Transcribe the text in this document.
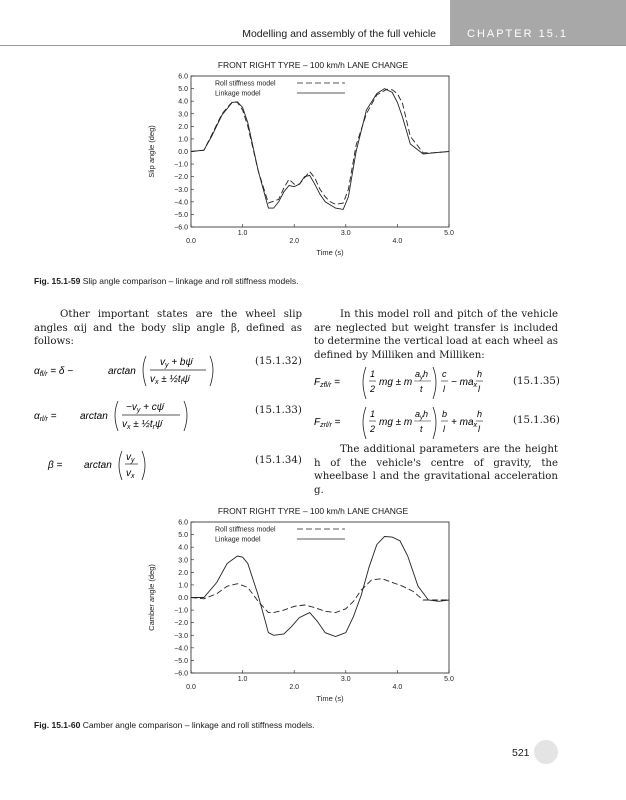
Modelling and assembly of the full vehicle	CHAPTER 15.1
FRONT RIGHT TYRE – 100 km/h LANE CHANGE
6.0
5.0
4.0
3.0
2.0
1.0
0.0
−1.0
−2.0
−3.0
−4.0
−5.0
−6.0
0.0
1.0
2.0
3.0
4.0
5.0
Time (s)
Slip angle (deg)
Roll stiffness model
Linkage model
Fig. 15.1-59 Slip angle comparison – linkage and roll stiffness models.
Other important states are the wheel slip angles αij and the body slip angle β, defined as follows:
$\alpha_{fl/r} = \delta$ −	arctan
$v_y$ + bψ̇
$v_x$ ± $\frac{1}{2}t_f\psi̇$
(15.1.32)
$\alpha_{rl/r} = \arctan$
$-v_y$ + cψ̇
$v_x$ ± $\frac{1}{2}t_r\psi̇$
(15.1.33)
β = arctan
$v_y$
$v_x$
(15.1.34)
In this model roll and pitch of the vehicle are neglected but weight transfer is included to determine the vertical load at each wheel as defined by Milliken and Milliken:
$F_{zfl/r}$ =
1
2
mg ± m
$a_yh$
t
c
l
− $ma_x$
h
l
(15.1.35)
$F_{zrl/r}$ =
1
2
mg ± m
$a_yh$
t
b
l
+ $ma_x$
h
l
(15.1.36)
The additional parameters are the height h of the vehicle's centre of gravity, the wheelbase l and the gravitational acceleration g.
FRONT RIGHT TYRE – 100 km/h LANE CHANGE
6.0
5.0
4.0
3.0
2.0
1.0
0.0
−1.0
−2.0
−3.0
−4.0
−5.0
−6.0
0.0
1.0
2.0
3.0
4.0
5.0
Time (s)
Camber angle (deg)
Roll stiffness model
Linkage model
Fig. 15.1-60 Camber angle comparison – linkage and roll stiffness models.
521
